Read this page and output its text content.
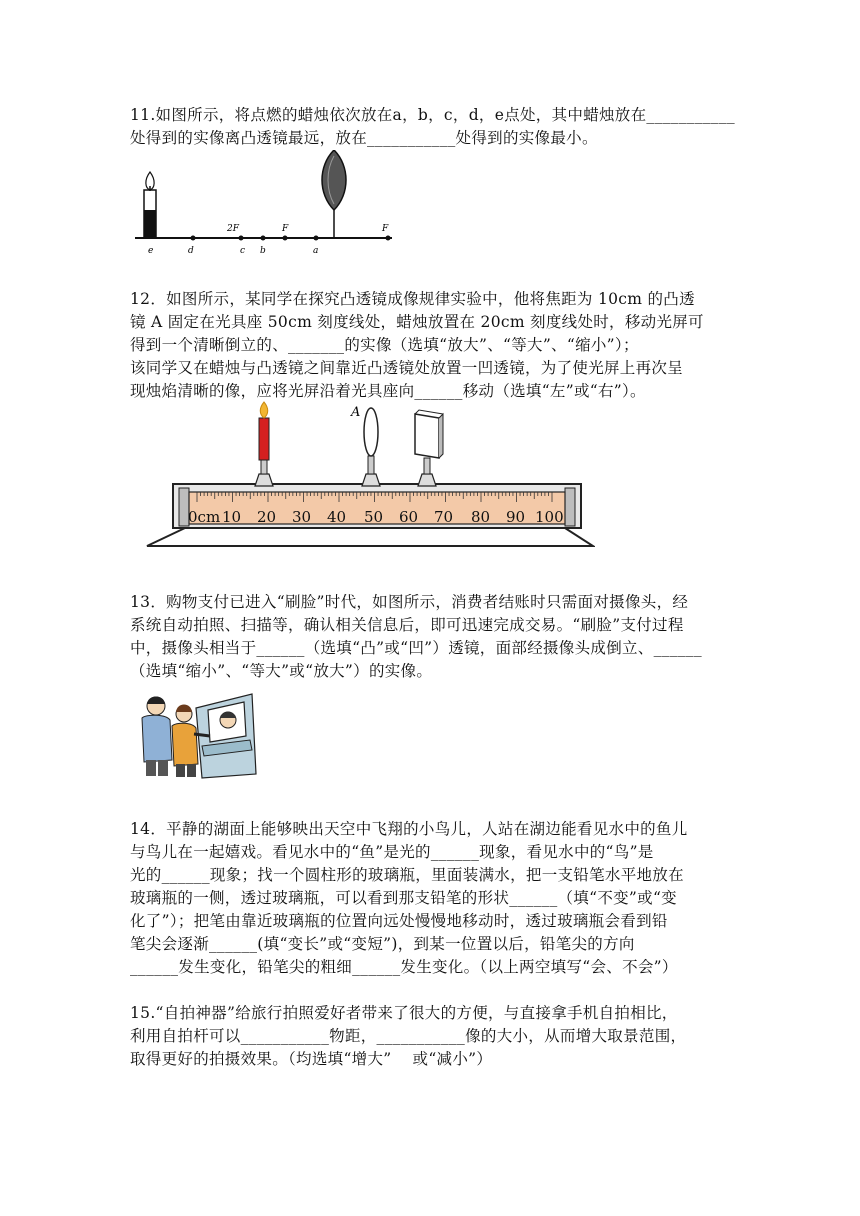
11.如图所示，将点燃的蜡烛依次放在a，b，c，d，e点处，其中蜡烛放在___________
处得到的实像离凸透镜最远，放在___________处得到的实像最小。
e	d	c b	a
2F	F	F
12．如图所示，某同学在探究凸透镜成像规律实验中，他将焦距为 10cm 的凸透
镜 A 固定在光具座 50cm 刻度线处，蜡烛放置在 20cm 刻度线处时，移动光屏可
得到一个清晰倒立的、_______的实像（选填“放大”、“等大”、“缩小”）；
该同学又在蜡烛与凸透镜之间靠近凸透镜处放置一凹透镜，为了使光屏上再次呈
现烛焰清晰的像，应将光屏沿着光具座向______移动（选填“左”或“右”）。
0cm 10 20 30 40 50 60 70 80 90 100
A
13．购物支付已进入“刷脸”时代，如图所示，消费者结账时只需面对摄像头，经
系统自动拍照、扫描等，确认相关信息后，即可迅速完成交易。“刷脸”支付过程
中，摄像头相当于______（选填“凸”或“凹”）透镜，面部经摄像头成倒立、______
（选填“缩小”、“等大”或“放大”）的实像。
14．平静的湖面上能够映出天空中飞翔的小鸟儿，人站在湖边能看见水中的鱼儿
与鸟儿在一起嬉戏。看见水中的“鱼”是光的______现象，看见水中的“鸟”是
光的______现象；找一个圆柱形的玻璃瓶，里面装满水，把一支铅笔水平地放在
玻璃瓶的一侧，透过玻璃瓶，可以看到那支铅笔的形状______（填“不变”或“变
化了”）；把笔由靠近玻璃瓶的位置向远处慢慢地移动时，透过玻璃瓶会看到铅
笔尖会逐渐______(填“变长”或“变短”)，到某一位置以后，铅笔尖的方向
______发生变化，铅笔尖的粗细______发生变化。（以上两空填写“会、不会”）
15.“自拍神器”给旅行拍照爱好者带来了很大的方便，与直接拿手机自拍相比，
利用自拍杆可以___________物距，___________像的大小，从而增大取景范围，
取得更好的拍摄效果。（均选填“增大”　 或“减小”）
